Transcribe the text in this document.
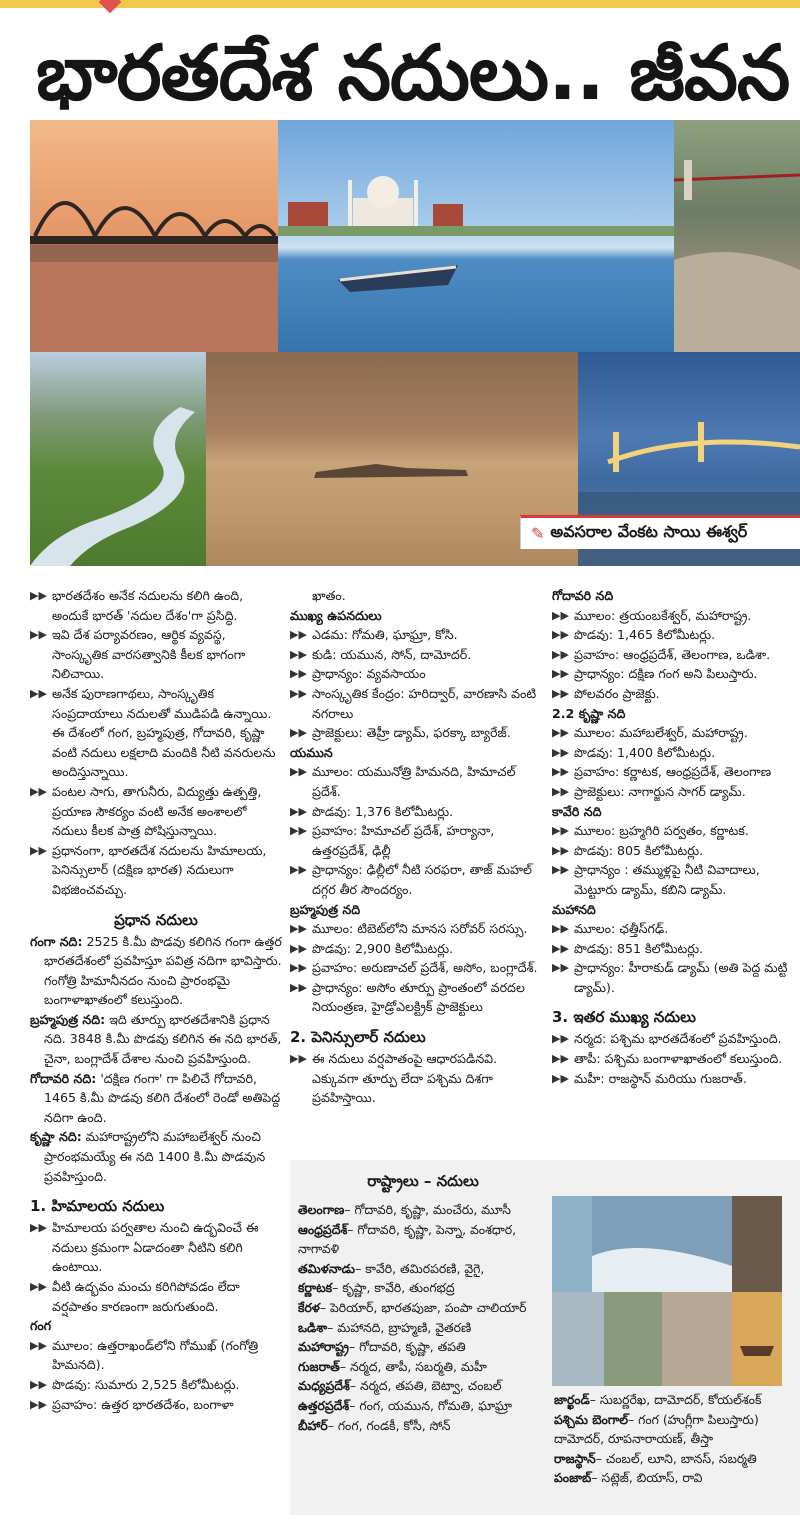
భారతదేశ నదులు.. జీవన
✎ అవసరాల వేంకట సాయి ఈశ్వర్
▶▶ భారతదేశం అనేక నదులను కలిగి ఉంది, అందుకే భారత్ 'నదుల దేశం'గా ప్రసిద్ధి.
▶▶ ఇవి దేశ పర్యావరణం, ఆర్థిక వ్యవస్థ, సాంస్కృతిక వారసత్వానికి కీలక భాగంగా నిలిచాయి.
▶▶ అనేక పురాణగాథలు, సాంస్కృతిక సంప్రదాయాలు నదులతో ముడిపడి ఉన్నాయి. ఈ దేశంలో గంగ, బ్రహ్మపుత్ర, గోదావరి, కృష్ణా వంటి నదులు లక్షలాది మందికి నీటి వనరులను అందిస్తున్నాయి.
▶▶ పంటల సాగు, తాగునీరు, విద్యుత్తు ఉత్పత్తి, ప్రయాణ సౌకర్యం వంటి అనేక అంశాలలో నదులు కీలక పాత్ర పోషిస్తున్నాయి.
▶▶ ప్రధానంగా, భారతదేశ నదులను హిమాలయ, పెనిన్సులార్ (దక్షిణ భారత) నదులుగా విభజించవచ్చు.

ప్రధాన నదులు

గంగా నది: 2525 కి.మీ పొడవు కలిగిన గంగా ఉత్తర భారతదేశంలో ప్రవహిస్తూ పవిత్ర నదిగా భావిస్తారు. గంగోత్రి హిమానీనదం నుంచి ప్రారంభమై బంగాళాఖాతంలో కలుస్తుంది.

బ్రహ్మపుత్ర నది: ఇది తూర్పు భారతదేశానికి ప్రధాన నది. 3848 కి.మీ పొడవు కలిగిన ఈ నది భారత్, చైనా, బంగ్లాదేశ్ దేశాల నుంచి ప్రవహిస్తుంది.

గోదావరి నది: 'దక్షిణ గంగా' గా పిలిచే గోదావరి, 1465 కి.మీ పొడవు కలిగి దేశంలో రెండో అతిపెద్ద నదిగా ఉంది.

కృష్ణా నది: మహారాష్ట్రలోని మహాబలేశ్వర్ నుంచి ప్రారంభమయ్యే ఈ నది 1400 కి.మీ పొడవున ప్రవహిస్తుంది.

1. హిమాలయ నదులు

▶▶ హిమాలయ పర్వతాల నుంచి ఉద్భవించే ఈ నదులు క్రమంగా ఏడాదంతా నీటిని కలిగి ఉంటాయి.
▶▶ వీటి ఉద్భవం మంచు కరిగిపోవడం లేదా వర్షపాతం కారణంగా జరుగుతుంది.

గంగ

▶▶ మూలం: ఉత్తరాఖండ్‌లోని గోముఖ్ (గంగోత్రి హిమనది).
▶▶ పొడవు: సుమారు 2,525 కిలోమీటర్లు.
▶▶ ప్రవాహం: ఉత్తర భారతదేశం, బంగాళా

ఖాతం.

ముఖ్య ఉపనదులు

▶▶ ఎడమ: గోమతి, ఘాఘ్రా, కోసి.
▶▶ కుడి: యమున, సోన్, దామోదర్.
▶▶ ప్రాధాన్యం: వ్యవసాయం
▶▶ సాంస్కృతిక కేంద్రం: హరిద్వార్, వారణాసి వంటి నగరాలు
▶▶ ప్రాజెక్టులు: తెహ్రీ డ్యామ్, ఫరక్కా బ్యారేజ్.

యమున

▶▶ మూలం: యమునోత్రి హిమనది, హిమాచల్ ప్రదేశ్.
▶▶ పొడవు: 1,376 కిలోమీటర్లు.
▶▶ ప్రవాహం: హిమాచల్ ప్రదేశ్, హర్యానా, ఉత్తరప్రదేశ్, ఢిల్లీ
▶▶ ప్రాధాన్యం: ఢిల్లీలో నీటి సరఫరా, తాజ్ మహల్ దగ్గర తీర సౌందర్యం.

బ్రహ్మపుత్ర నది

▶▶ మూలం: టిబెట్‌లోని మానస సరోవర్ సరస్సు.
▶▶ పొడవు: 2,900 కిలోమీటర్లు.
▶▶ ప్రవాహం: అరుణాచల్ ప్రదేశ్, అసోం, బంగ్లాదేశ్.
▶▶ ప్రాధాన్యం: అసోం తూర్పు ప్రాంతంలో వరదల నియంత్రణ, హైడ్రోఎలక్ట్రిక్ ప్రాజెక్టులు

2. పెనిన్సులార్ నదులు

▶▶ ఈ నదులు వర్షపాతంపై ఆధారపడినవి. ఎక్కువగా తూర్పు లేదా పశ్చిమ దిశగా ప్రవహిస్తాయి.

గోదావరి నది

▶▶ మూలం: త్రయంబకేశ్వర్, మహారాష్ట్ర.
▶▶ పొడవు: 1,465 కిలోమీటర్లు.
▶▶ ప్రవాహం: ఆంధ్రప్రదేశ్, తెలంగాణ, ఒడిశా.
▶▶ ప్రాధాన్యం: దక్షిణ గంగ అని పిలుస్తారు.
▶▶ పోలవరం ప్రాజెక్టు.

2.2 కృష్ణా నది

▶▶ మూలం: మహాబలేశ్వర్, మహారాష్ట్ర.
▶▶ పొడవు: 1,400 కిలోమీటర్లు.
▶▶ ప్రవాహం: కర్ణాటక, ఆంధ్రప్రదేశ్, తెలంగాణ
▶▶ ప్రాజెక్టులు: నాగార్జున సాగర్ డ్యామ్.

కావేరి నది

▶▶ మూలం: బ్రహ్మగిరి పర్వతం, కర్ణాటక.
▶▶ పొడవు: 805 కిలోమీటర్లు.
▶▶ ప్రాధాన్యం : తమ్ముళ్లపై నీటి వివాదాలు, మెట్టూరు డ్యామ్, కబిని డ్యామ్.

మహానది

▶▶ మూలం: ఛత్తీస్‌గఢ్.
▶▶ పొడవు: 851 కిలోమీటర్లు.
▶▶ ప్రాధాన్యం: హీరాకుడ్ డ్యామ్ (అతి పెద్ద మట్టి డ్యామ్).

3. ఇతర ముఖ్య నదులు

▶▶ నర్మద: పశ్చిమ భారతదేశంలో ప్రవహిస్తుంది.
▶▶ తాపీ: పశ్చిమ బంగాళాఖాతంలో కలుస్తుంది.
▶▶ మహీ: రాజస్థాన్ మరియు గుజరాత్.

రాష్ట్రాలు – నదులు

తెలంగాణ– గోదావరి, కృష్ణా, మంచేరు, మూసీ

ఆంధ్రప్రదేశ్– గోదావరి, కృష్ణా, పెన్నా, వంశధార, నాగావళి

తమిళనాడు– కావేరి, తమిరపరణి, వైగై,

కర్ణాటక– కృష్ణా, కావేరి, తుంగభద్ర

కేరళ– పెరియార్, భారతపుజా, పంపా చాలియార్

ఒడిశా– మహానది, బ్రాహ్మణి, వైతరణి

మహారాష్ట్ర– గోదావరి, కృష్ణా, తపతి

గుజరాత్– నర్మద, తాపీ, సబర్మతి, మహీ

మధ్యప్రదేశ్– నర్మద, తపతి, బెట్వా, చంబల్

ఉత్తరప్రదేశ్– గంగ, యమున, గోమతి, ఘాఘ్రా

బీహార్– గంగ, గండకీ, కోసీ, సోన్

జార్ఖండ్– సుబర్ణరేఖ, దామోదర్, కోయల్‌శంక్

పశ్చిమ బెంగాల్– గంగ (హుగ్లీగా పిలుస్తారు) దామోదర్, రూపనారాయణ్, తీస్తా

రాజస్థాన్– చంబల్, లూని, బానస్, సబర్మతి

పంజాబ్– సట్లెజ్, బియాస్, రావి
